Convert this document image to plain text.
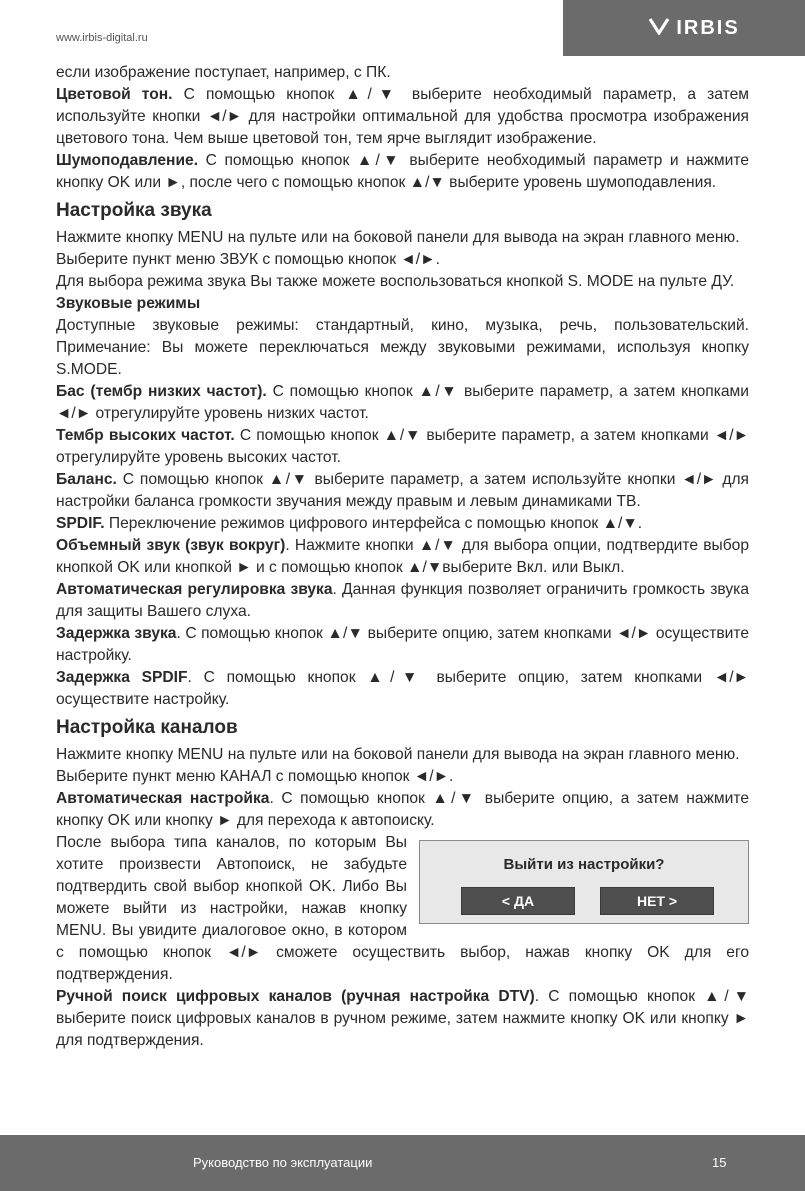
www.irbis-digital.ru	IRBIS

если изображение поступает, например, с ПК.

Цветовой тон. С помощью кнопок ▲/▼ выберите необходимый параметр, а затем используйте кнопки ◄/► для настройки оптимальной для удобства просмотра изображения цветового тона. Чем выше цветовой тон, тем ярче выглядит изображение.

Шумоподавление. С помощью кнопок ▲/▼ выберите необходимый параметр и нажмите кнопку OK или ►, после чего с помощью кнопок ▲/▼ выберите уровень шумоподавления.

Настройка звука

Нажмите кнопку MENU на пульте или на боковой панели для вывода на экран главного меню.

Выберите пункт меню ЗВУК с помощью кнопок ◄/►.

Для выбора режима звука Вы также можете воспользоваться кнопкой S. MODE на пульте ДУ.

Звуковые режимы

Доступные звуковые режимы: стандартный, кино, музыка, речь, пользовательский. Примечание: Вы можете переключаться между звуковыми режимами, используя кнопку S.MODE.

Бас (тембр низких частот). С помощью кнопок ▲/▼ выберите параметр, а затем кнопками ◄/► отрегулируйте уровень низких частот.

Тембр высоких частот. С помощью кнопок ▲/▼ выберите параметр, а затем кнопками ◄/► отрегулируйте уровень высоких частот.

Баланс. С помощью кнопок ▲/▼ выберите параметр, а затем используйте кнопки ◄/► для настройки баланса громкости звучания между правым и левым динамиками ТВ.

SPDIF. Переключение режимов цифрового интерфейса с помощью кнопок ▲/▼.

Объемный звук (звук вокруг). Нажмите кнопки ▲/▼ для выбора опции, подтвердите выбор кнопкой OK или кнопкой ► и с помощью кнопок ▲/▼выберите Вкл. или Выкл.

Автоматическая регулировка звука. Данная функция позволяет ограничить громкость звука для защиты Вашего слуха.

Задержка звука. С помощью кнопок ▲/▼ выберите опцию, затем кнопками ◄/► осуществите настройку.

Задержка SPDIF. С помощью кнопок ▲/▼ выберите опцию, затем кнопками ◄/► осуществите настройку.

Настройка каналов

Нажмите кнопку MENU на пульте или на боковой панели для вывода на экран главного меню.

Выберите пункт меню КАНАЛ с помощью кнопок ◄/►.

Автоматическая настройка. С помощью кнопок ▲/▼ выберите опцию, а затем нажмите кнопку OK или кнопку ► для перехода к автопоиску.

Выйти из настройки?
< ДА	НЕТ >

После выбора типа каналов, по которым Вы хотите произвести Автопоиск, не забудьте подтвердить свой выбор кнопкой OK. Либо Вы можете выйти из настройки, нажав кнопку MENU. Вы увидите диалоговое окно, в котором с помощью кнопок ◄/► сможете осуществить выбор, нажав кнопку OK для его подтверждения.

Ручной поиск цифровых каналов (ручная настройка DTV). С помощью кнопок ▲/▼ выберите поиск цифровых каналов в ручном режиме, затем нажмите кнопку OK или кнопку ► для подтверждения.

Руководство по эксплуатации	15
